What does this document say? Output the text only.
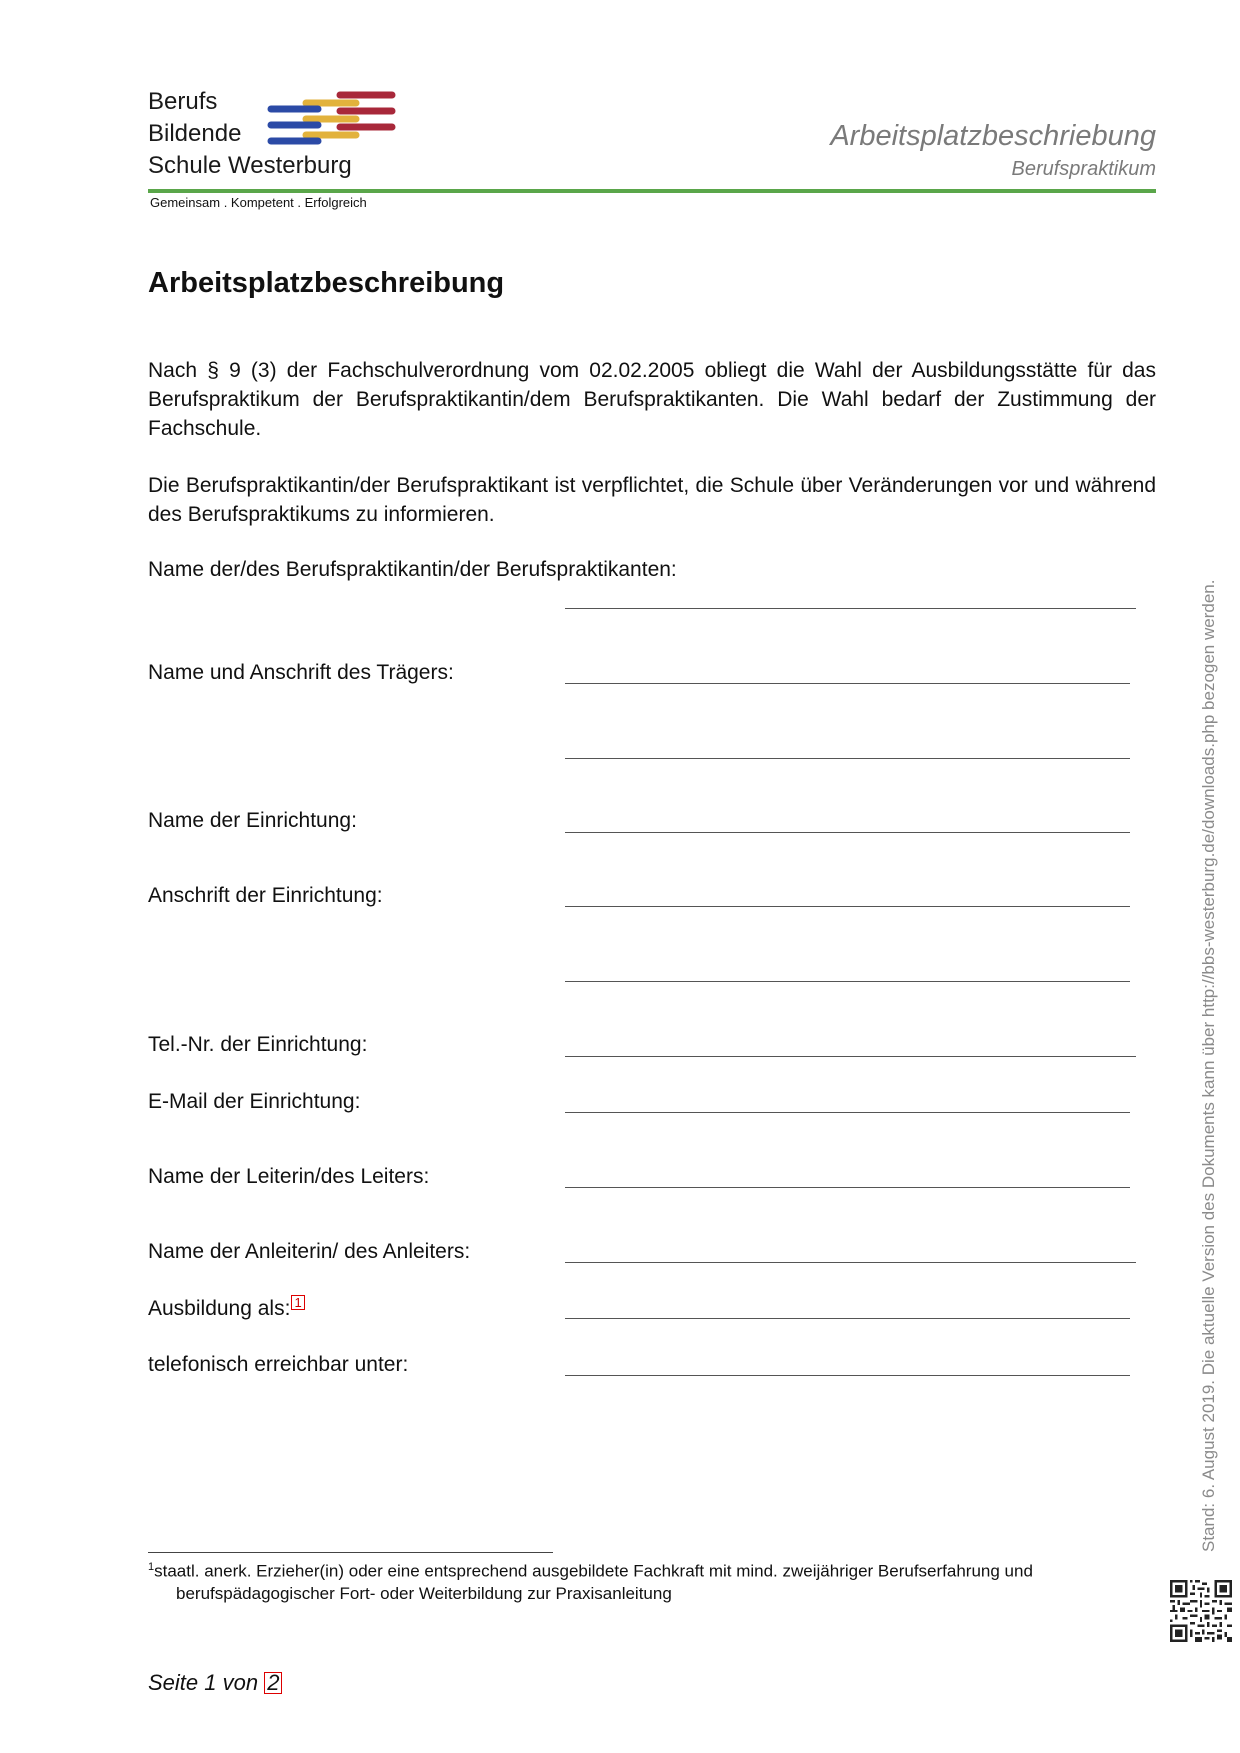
Berufs
Bildende
Schule Westerburg
Arbeitsplatzbeschriebung
Berufspraktikum
Gemeinsam . Kompetent . Erfolgreich
Arbeitsplatzbeschreibung
Nach § 9 (3) der Fachschulverordnung vom 02.02.2005 obliegt die Wahl der Ausbildungsstätte für das Berufspraktikum der Berufspraktikantin/dem Berufspraktikanten. Die Wahl bedarf der Zustimmung der Fachschule.
Die Berufspraktikantin/der Berufspraktikant ist verpflichtet, die Schule über Veränderungen vor und während des Berufspraktikums zu informieren.
Name der/des Berufspraktikantin/der Berufspraktikanten:
Name und Anschrift des Trägers:
Name der Einrichtung:
Anschrift der Einrichtung:
Tel.-Nr. der Einrichtung:
E-Mail der Einrichtung:
Name der Leiterin/des Leiters:
Name der Anleiterin/ des Anleiters:
Ausbildung als: 1
telefonisch erreichbar unter:
$^1$staatl. anerk. Erzieher(in) oder eine entsprechend ausgebildete Fachkraft mit mind. zweijähriger Berufserfahrung und
berufspädagogischer Fort- oder Weiterbildung zur Praxisanleitung
Seite 1 von 2
Stand: 6. August 2019. Die aktuelle Version des Dokuments kann über http://bbs-westerburg.de/downloads.php bezogen werden.
